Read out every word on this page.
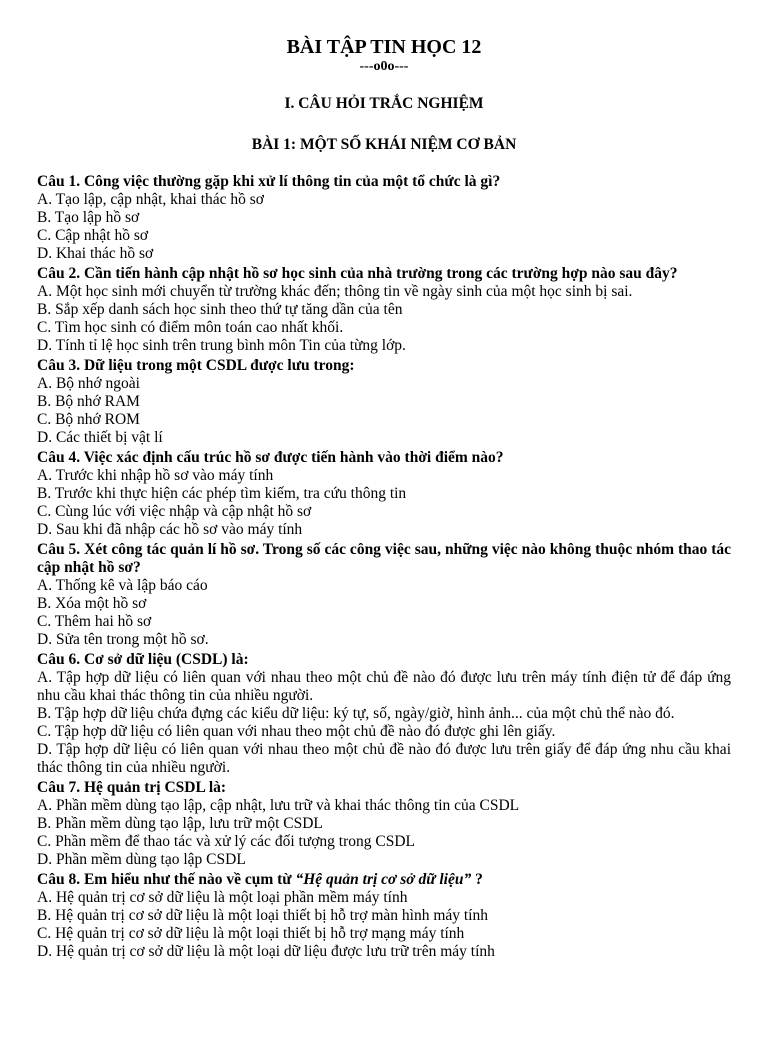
BÀI TẬP TIN HỌC 12
---o0o---
I. CÂU HỎI TRẮC NGHIỆM
BÀI 1: MỘT SỐ KHÁI NIỆM CƠ BẢN
Câu 1. Công việc thường gặp khi xử lí thông tin của một tổ chức là gì?
A. Tạo lập, cập nhật, khai thác hồ sơ
B. Tạo lập hồ sơ
C. Cập nhật hồ sơ
D. Khai thác hồ sơ
Câu 2. Cần tiến hành cập nhật hồ sơ học sinh của nhà trường trong các trường hợp nào sau đây?
A. Một học sinh mới chuyển từ trường khác đến; thông tin về ngày sinh của một học sinh bị sai.
B. Sắp xếp danh sách học sinh theo thứ tự tăng dần của tên
C. Tìm học sinh có điểm môn toán cao nhất khối.
D. Tính tỉ lệ học sinh trên trung bình môn Tin của từng lớp.
Câu 3. Dữ liệu trong một CSDL được lưu trong:
A. Bộ nhớ ngoài
B. Bộ nhớ RAM
C. Bộ nhớ ROM
D. Các thiết bị vật lí
Câu 4. Việc xác định cấu trúc hồ sơ được tiến hành vào thời điểm nào?
A. Trước khi nhập hồ sơ vào máy tính
B. Trước khi thực hiện các phép tìm kiếm, tra cứu thông tin
C. Cùng lúc với việc nhập và cập nhật hồ sơ
D. Sau khi đã nhập các hồ sơ vào máy tính
Câu 5. Xét công tác quản lí hồ sơ. Trong số các công việc sau, những việc nào không thuộc nhóm thao tác cập nhật hồ sơ?
A. Thống kê và lập báo cáo
B. Xóa một hồ sơ
C. Thêm hai hồ sơ
D. Sửa tên trong một hồ sơ.
Câu 6. Cơ sở dữ liệu (CSDL) là:
A. Tập hợp dữ liệu có liên quan với nhau theo một chủ đề nào đó được lưu trên máy tính điện tử để đáp ứng nhu cầu khai thác thông tin của nhiều người.
B. Tập hợp dữ liệu chứa đựng các kiểu dữ liệu: ký tự, số, ngày/giờ, hình ảnh... của một chủ thể nào đó.
C. Tập hợp dữ liệu có liên quan với nhau theo một chủ đề nào đó được ghi lên giấy.
D. Tập hợp dữ liệu có liên quan với nhau theo một chủ đề nào đó được lưu trên giấy để đáp ứng nhu cầu khai thác thông tin của nhiều người.
Câu 7. Hệ quản trị CSDL là:
A. Phần mềm dùng tạo lập, cập nhật, lưu trữ và khai thác thông tin của CSDL
B. Phần mềm dùng tạo lập, lưu trữ một CSDL
C. Phần mềm để thao tác và xử lý các đối tượng trong CSDL
D. Phần mềm dùng tạo lập CSDL
Câu 8. Em hiểu như thế nào về cụm từ “Hệ quản trị cơ sở dữ liệu” ?
A. Hệ quản trị cơ sở dữ liệu là một loại phần mềm máy tính
B. Hệ quản trị cơ sở dữ liệu là một loại thiết bị hỗ trợ màn hình máy tính
C. Hệ quản trị cơ sở dữ liệu là một loại thiết bị hỗ trợ mạng máy tính
D. Hệ quản trị cơ sở dữ liệu là một loại dữ liệu được lưu trữ trên máy tính
